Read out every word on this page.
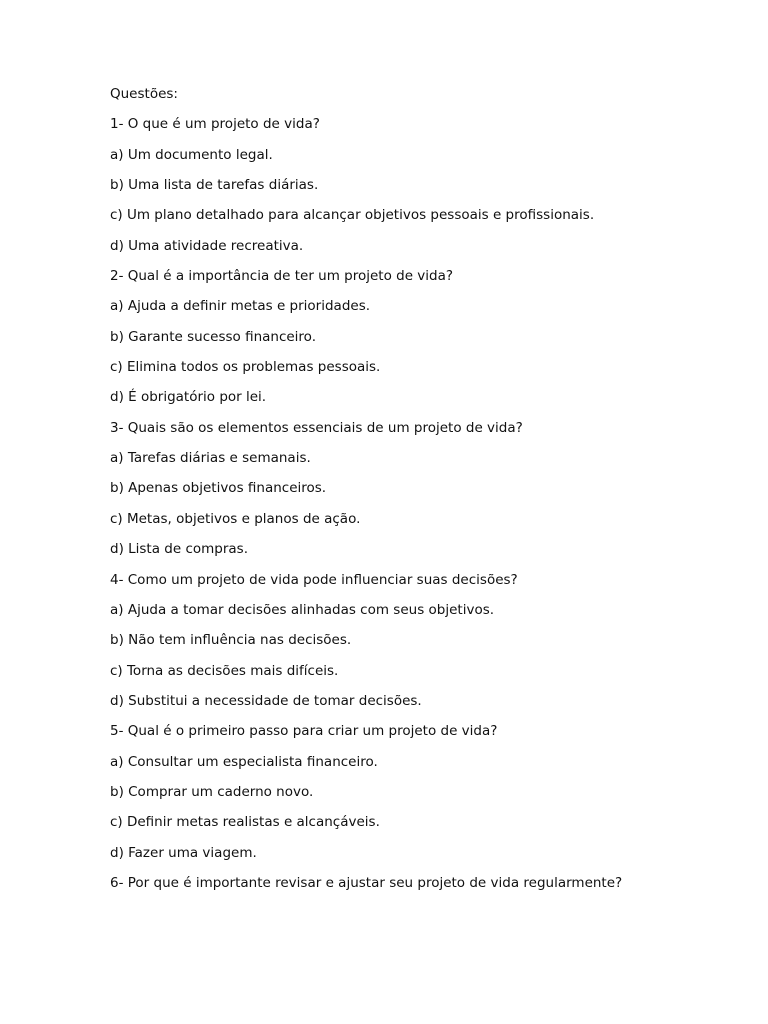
Questões:
1- O que é um projeto de vida?
a) Um documento legal.
b) Uma lista de tarefas diárias.
c) Um plano detalhado para alcançar objetivos pessoais e profissionais.
d) Uma atividade recreativa.
2- Qual é a importância de ter um projeto de vida?
a) Ajuda a definir metas e prioridades.
b) Garante sucesso financeiro.
c) Elimina todos os problemas pessoais.
d) É obrigatório por lei.
3- Quais são os elementos essenciais de um projeto de vida?
a) Tarefas diárias e semanais.
b) Apenas objetivos financeiros.
c) Metas, objetivos e planos de ação.
d) Lista de compras.
4- Como um projeto de vida pode influenciar suas decisões?
a) Ajuda a tomar decisões alinhadas com seus objetivos.
b) Não tem influência nas decisões.
c) Torna as decisões mais difíceis.
d) Substitui a necessidade de tomar decisões.
5- Qual é o primeiro passo para criar um projeto de vida?
a) Consultar um especialista financeiro.
b) Comprar um caderno novo.
c) Definir metas realistas e alcançáveis.
d) Fazer uma viagem.
6- Por que é importante revisar e ajustar seu projeto de vida regularmente?
